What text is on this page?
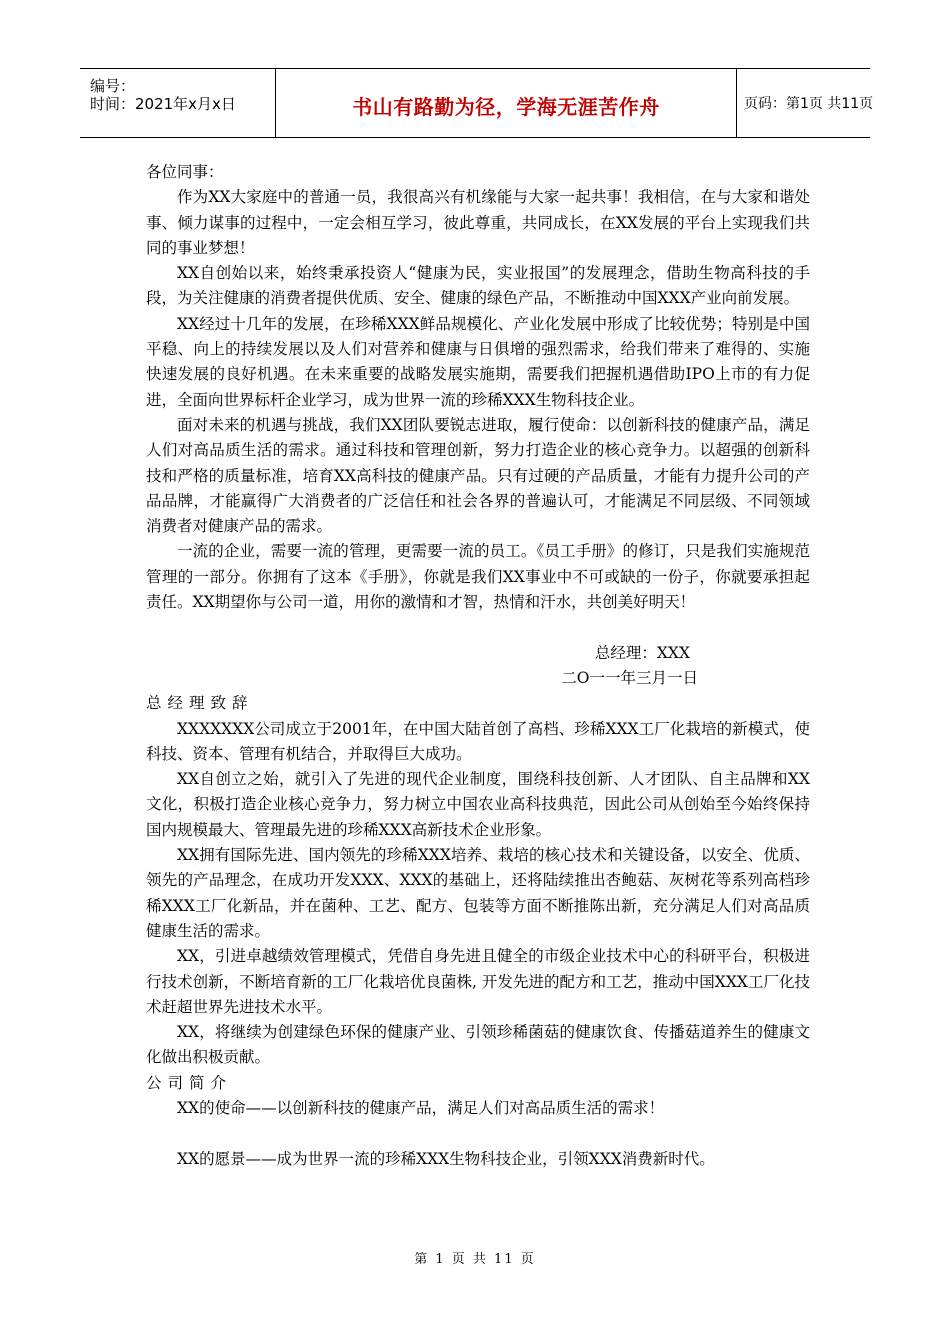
编号：
时间：2021年x月x日	书山有路勤为径，学海无涯苦作舟	页码：第1页 共11页

各位同事：

作为XX大家庭中的普通一员，我很高兴有机缘能与大家一起共事！我相信，在与大家和谐处事、倾力谋事的过程中，一定会相互学习，彼此尊重，共同成长，在XX发展的平台上实现我们共同的事业梦想！

XX自创始以来，始终秉承投资人“健康为民，实业报国”的发展理念，借助生物高科技的手段，为关注健康的消费者提供优质、安全、健康的绿色产品，不断推动中国XXX产业向前发展。

XX经过十几年的发展，在珍稀XXX鲜品规模化、产业化发展中形成了比较优势；特别是中国平稳、向上的持续发展以及人们对营养和健康与日俱增的强烈需求，给我们带来了难得的、实施快速发展的良好机遇。在未来重要的战略发展实施期，需要我们把握机遇借助IPO上市的有力促进，全面向世界标杆企业学习，成为世界一流的珍稀XXX生物科技企业。

面对未来的机遇与挑战，我们XX团队要锐志进取，履行使命：以创新科技的健康产品，满足人们对高品质生活的需求。通过科技和管理创新，努力打造企业的核心竞争力。以超强的创新科技和严格的质量标准，培育XX高科技的健康产品。只有过硬的产品质量，才能有力提升公司的产品品牌，才能赢得广大消费者的广泛信任和社会各界的普遍认可，才能满足不同层级、不同领域消费者对健康产品的需求。

一流的企业，需要一流的管理，更需要一流的员工。《员工手册》的修订，只是我们实施规范管理的一部分。你拥有了这本《手册》，你就是我们XX事业中不可或缺的一份子，你就要承担起责任。XX期望你与公司一道，用你的激情和才智，热情和汗水，共创美好明天！

总经理：XXX

二O一一年三月一日

总经理致辞

XXXXXXX公司成立于2001年，在中国大陆首创了高档、珍稀XXX工厂化栽培的新模式，使科技、资本、管理有机结合，并取得巨大成功。

XX自创立之始，就引入了先进的现代企业制度，围绕科技创新、人才团队、自主品牌和XX文化，积极打造企业核心竞争力，努力树立中国农业高科技典范，因此公司从创始至今始终保持国内规模最大、管理最先进的珍稀XXX高新技术企业形象。

XX拥有国际先进、国内领先的珍稀XXX培养、栽培的核心技术和关键设备，以安全、优质、领先的产品理念，在成功开发XXX、XXX的基础上，还将陆续推出杏鲍菇、灰树花等系列高档珍稀XXX工厂化新品，并在菌种、工艺、配方、包装等方面不断推陈出新，充分满足人们对高品质健康生活的需求。

XX，引进卓越绩效管理模式，凭借自身先进且健全的市级企业技术中心的科研平台，积极进行技术创新，不断培育新的工厂化栽培优良菌株, 开发先进的配方和工艺，推动中国XXX工厂化技术赶超世界先进技术水平。

XX，将继续为创建绿色环保的健康产业、引领珍稀菌菇的健康饮食、传播菇道养生的健康文化做出积极贡献。

公司简介

XX的使命——以创新科技的健康产品，满足人们对高品质生活的需求！

XX的愿景——成为世界一流的珍稀XXX生物科技企业，引领XXX消费新时代。

第 1 页 共 11 页
